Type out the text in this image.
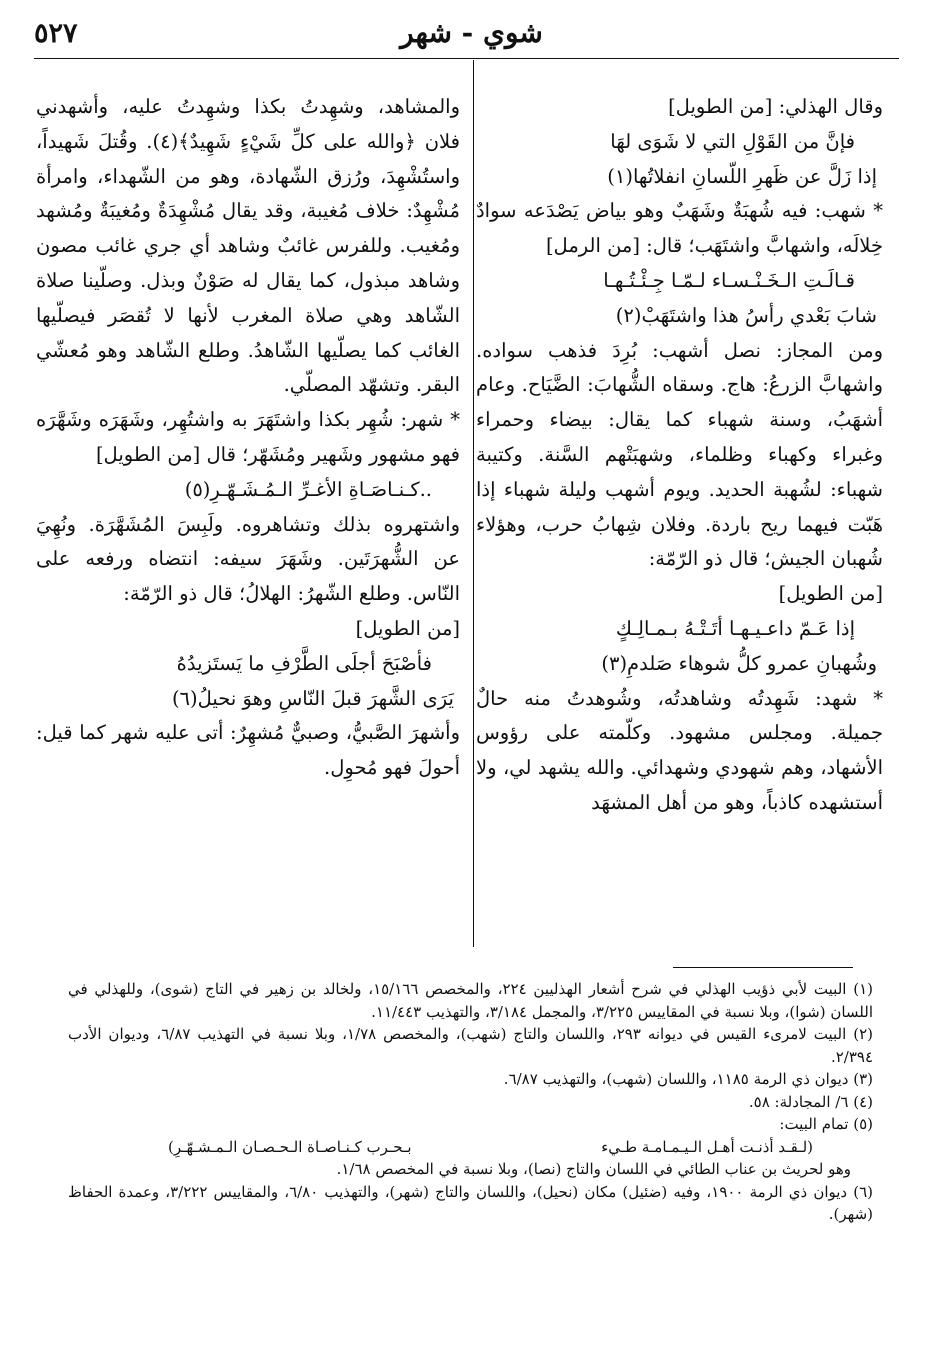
شوي - شهر
٥٢٧

وقال الهذلي: [من الطويل]

فإنَّ من القَوْلِ التي لا شَوَى لهَا

إذا زَلَّ عن ظَهرِ اللّسانِ انفلاتُها(١)

* شهب: فيه شُهبَةٌ وشَهَبٌ وهو بياض يَصْدَعه سوادٌ خِلالَه، واشهابَّ واشتَهَب؛ قال: [من الرمل]

قـالَـتِ الـخَـنْـسـاء لـمّـا جِـئْـتُـهـا

شابَ بَعْدي رأسُ هذا واشتَهَبْ(٢)

ومن المجاز: نصل أشهب: بُرِدَ فذهب سواده. واشهابَّ الزرعُ: هاج. وسقاه الشُّهابَ: الضَّيَاح. وعام أشهَبُ، وسنة شهباء كما يقال: بيضاء وحمراء وغبراء وكهباء وظلماء، وشهبَتْهم السَّنة. وكتيبة شهباء: لشُهبة الحديد. ويوم أشهب وليلة شهباء إذا هَبّت فيهما ريح باردة. وفلان شِهابُ حرب، وهؤلاء شُهبان الجيش؛ قال ذو الرّمّة:

[من الطويل]

إذا عَـمّ داعـيـهـا أتَـتْـهُ بـمـالِـكٍ

وشُهبانِ عمرو كلُّ شوهاء صَلدمِ(٣)

* شهد: شَهِدتُه وشاهدتُه، وشُوهدتُ منه حالٌ جميلة. ومجلس مشهود. وكلّمته على رؤوس الأشهاد، وهم شهودي وشهدائي. والله يشهد لي، ولا أستشهده كاذباً، وهو من أهل المشهَد

والمشاهد، وشهِدتُ بكذا وشهِدتُ عليه، وأشهدني فلان ﴿والله على كلِّ شَيْءٍ شَهِيدٌ﴾(٤). وقُتلَ شَهيداً، واستُشْهِدَ، ورُزق الشّهادة، وهو من الشّهداء، وامرأة مُشْهِدٌ: خلاف مُغيبة، وقد يقال مُشْهِدَةٌ ومُغيبَةٌ ومُشهد ومُغيب. وللفرس غائبٌ وشاهد أي جري غائب مصون وشاهد مبذول، كما يقال له صَوْنٌ وبذل. وصلّينا صلاة الشّاهد وهي صلاة المغرب لأنها لا تُقصَر فيصلّيها الغائب كما يصلّيها الشّاهدُ. وطلع الشّاهد وهو مُعشّي البقر. وتشهّد المصلّي.

* شهر: شُهِر بكذا واشتَهَرَ به واشتُهِر، وشَهَرَه وشَهَّرَه فهو مشهور وشَهير ومُشَهّر؛ قال [من الطويل]

..كـنـاصَـاةِ الأغـرِّ الـمُـشَـهّـرِ(٥)

واشتهروه بذلك وتشاهروه. ولَبِسَ المُشَهَّرَة. ونُهِيَ عن الشُّهرَتَين. وشَهَرَ سيفه: انتضاه ورفعه على النّاس. وطلع الشّهرُ: الهلالُ؛ قال ذو الرّمّة:

[من الطويل]

فأصْبَحَ أجلَى الطَّرْفِ ما يَستَزيدُهُ

يَرَى الشَّهرَ قبلَ النّاسِ وهوَ نحيلُ(٦)

وأشهرَ الصَّبيُّ، وصبيٌّ مُشهِرٌ: أتى عليه شهر كما قيل: أحولَ فهو مُحوِل.

(١) البيت لأبي ذؤيب الهذلي في شرح أشعار الهذليين ٢٢٤، والمخصص ١٥/١٦٦، ولخالد بن زهير في التاج (شوى)، وللهذلي في اللسان (شوا)، وبلا نسبة في المقاييس ٣/٢٢٥، والمجمل ٣/١٨٤، والتهذيب ١١/٤٤٣.

(٢) البيت لامرىء القيس في ديوانه ٢٩٣، واللسان والتاج (شهب)، والمخصص ١/٧٨، وبلا نسبة في التهذيب ٦/٨٧، وديوان الأدب ٢/٣٩٤.

(٣) ديوان ذي الرمة ١١٨٥، واللسان (شهب)، والتهذيب ٦/٨٧.

(٤) ٦/ المجادلة: ٥٨.

(٥) تمام البيت:

(لـقـد أذنـت أهـل الـيـمـامـة طـيء
بـحـرب كـنـاصـاة الـحـصـان الـمـشـهّـرِ)

وهو لحريث بن عناب الطائي في اللسان والتاج (نصا)، وبلا نسبة في المخصص ١/٦٨.

(٦) ديوان ذي الرمة ١٩٠٠، وفيه (ضئيل) مكان (نحيل)، واللسان والتاج (شهر)، والتهذيب ٦/٨٠، والمقاييس ٣/٢٢٢، وعمدة الحفاظ (شهر).
